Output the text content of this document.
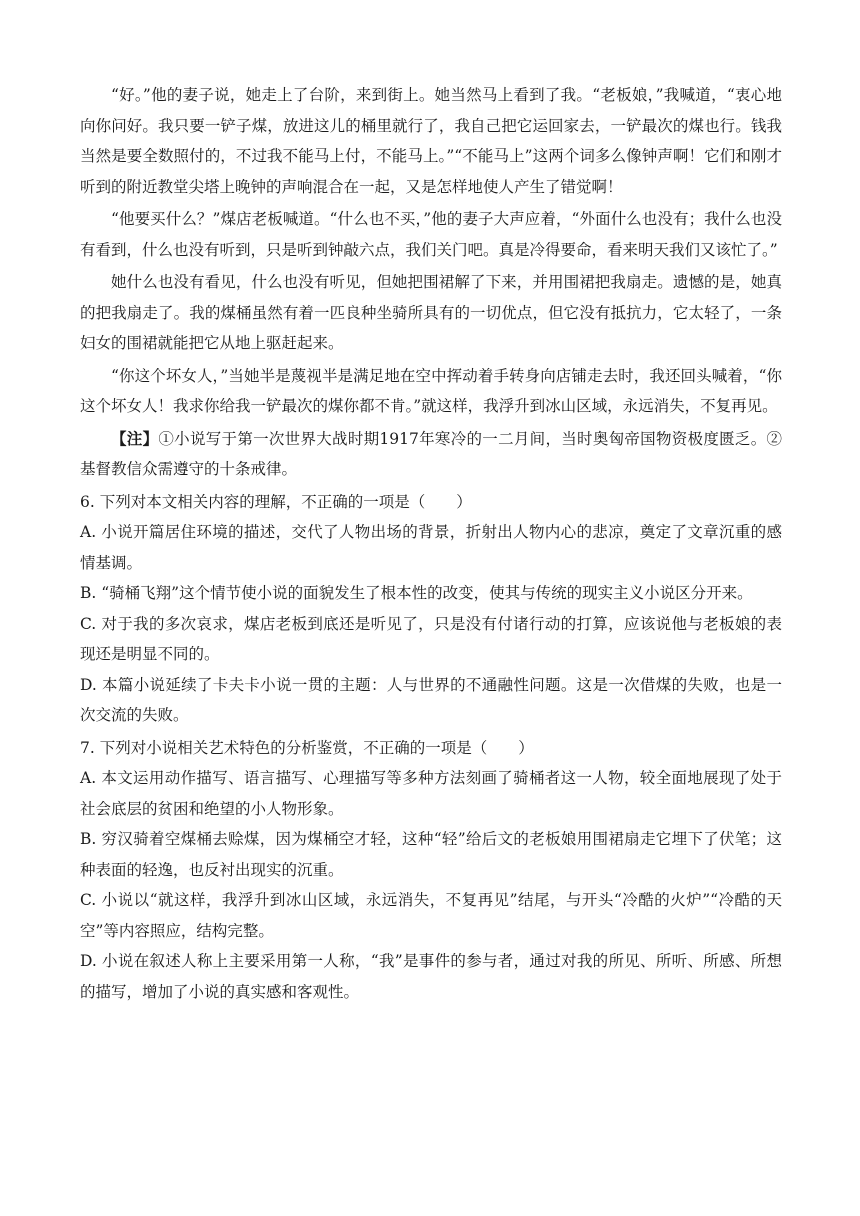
“好。”他的妻子说，她走上了台阶，来到街上。她当然马上看到了我。“老板娘，”我喊道，“衷心地向你问好。我只要一铲子煤，放进这儿的桶里就行了，我自己把它运回家去，一铲最次的煤也行。钱我当然是要全数照付的，不过我不能马上付，不能马上。”“不能马上”这两个词多么像钟声啊！它们和刚才听到的附近教堂尖塔上晚钟的声响混合在一起，又是怎样地使人产生了错觉啊！

“他要买什么？”煤店老板喊道。“什么也不买，”他的妻子大声应着，“外面什么也没有；我什么也没有看到，什么也没有听到，只是听到钟敲六点，我们关门吧。真是冷得要命，看来明天我们又该忙了。”

她什么也没有看见，什么也没有听见，但她把围裙解了下来，并用围裙把我扇走。遗憾的是，她真的把我扇走了。我的煤桶虽然有着一匹良种坐骑所具有的一切优点，但它没有抵抗力，它太轻了，一条妇女的围裙就能把它从地上驱赶起来。

“你这个坏女人，”当她半是蔑视半是满足地在空中挥动着手转身向店铺走去时，我还回头喊着，“你这个坏女人！我求你给我一铲最次的煤你都不肯。”就这样，我浮升到冰山区域，永远消失，不复再见。

【注】①小说写于第一次世界大战时期1917年寒冷的一二月间，当时奥匈帝国物资极度匮乏。②基督教信众需遵守的十条戒律。

6. 下列对本文相关内容的理解，不正确的一项是（　　）

A. 小说开篇居住环境的描述，交代了人物出场的背景，折射出人物内心的悲凉，奠定了文章沉重的感情基调。

B. “骑桶飞翔”这个情节使小说的面貌发生了根本性的改变，使其与传统的现实主义小说区分开来。

C. 对于我的多次哀求，煤店老板到底还是听见了，只是没有付诸行动的打算，应该说他与老板娘的表现还是明显不同的。

D. 本篇小说延续了卡夫卡小说一贯的主题：人与世界的不通融性问题。这是一次借煤的失败，也是一次交流的失败。

7. 下列对小说相关艺术特色的分析鉴赏，不正确的一项是（　　）

A. 本文运用动作描写、语言描写、心理描写等多种方法刻画了骑桶者这一人物，较全面地展现了处于社会底层的贫困和绝望的小人物形象。

B. 穷汉骑着空煤桶去赊煤，因为煤桶空才轻，这种“轻”给后文的老板娘用围裙扇走它埋下了伏笔；这种表面的轻逸，也反衬出现实的沉重。

C. 小说以“就这样，我浮升到冰山区域，永远消失，不复再见”结尾，与开头“冷酷的火炉”“冷酷的天空”等内容照应，结构完整。

D. 小说在叙述人称上主要采用第一人称，“我”是事件的参与者，通过对我的所见、所听、所感、所想的描写，增加了小说的真实感和客观性。
